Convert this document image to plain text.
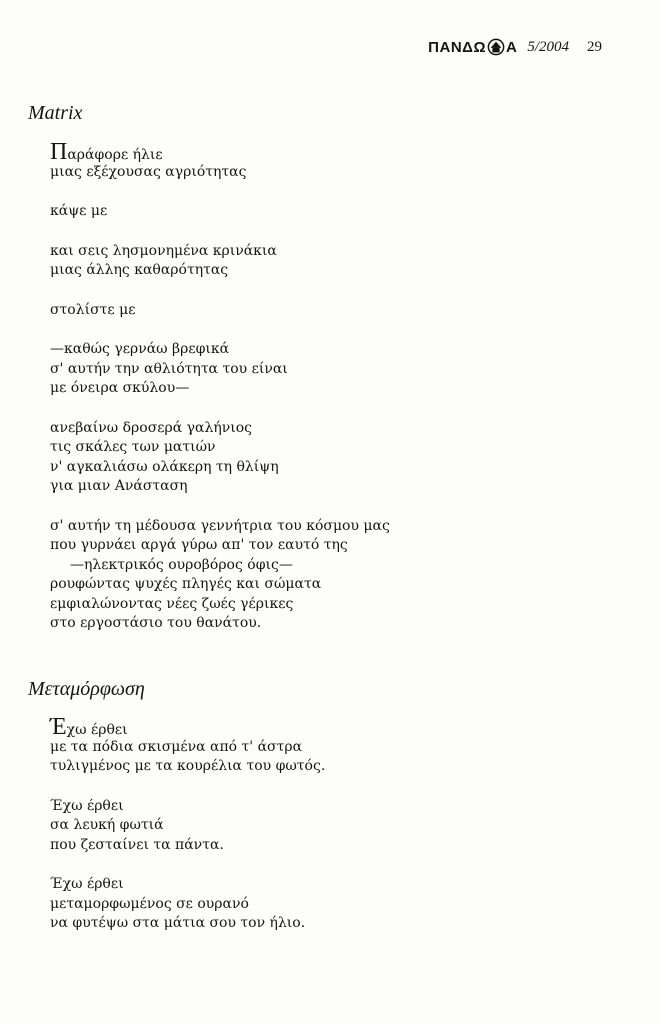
ΠΑΝΔΩ Α 5/2004 29
Matrix
Παράφορε ήλιε
μιας εξέχουσας αγριότητας
κάψε με
και σεις λησμονημένα κρινάκια
μιας άλλης καθαρότητας
στολίστε με
—καθώς γερνάω βρεφικά
σ' αυτήν την αθλιότητα του είναι
με όνειρα σκύλου—
ανεβαίνω δροσερά γαλήνιος
τις σκάλες των ματιών
ν' αγκαλιάσω ολάκερη τη θλίψη
για μιαν Ανάσταση
σ' αυτήν τη μέδουσα γεννήτρια του κόσμου μας
που γυρνάει αργά γύρω απ' τον εαυτό της
—ηλεκτρικός ουροβόρος όφις—
ρουφώντας ψυχές πληγές και σώματα
εμφιαλώνοντας νέες ζωές γέρικες
στο εργοστάσιο του θανάτου.
Μεταμόρφωση
Έχω έρθει
με τα πόδια σκισμένα από τ' άστρα
τυλιγμένος με τα κουρέλια του φωτός.
Έχω έρθει
σα λευκή φωτιά
που ζεσταίνει τα πάντα.
Έχω έρθει
μεταμορφωμένος σε ουρανό
να φυτέψω στα μάτια σου τον ήλιο.
